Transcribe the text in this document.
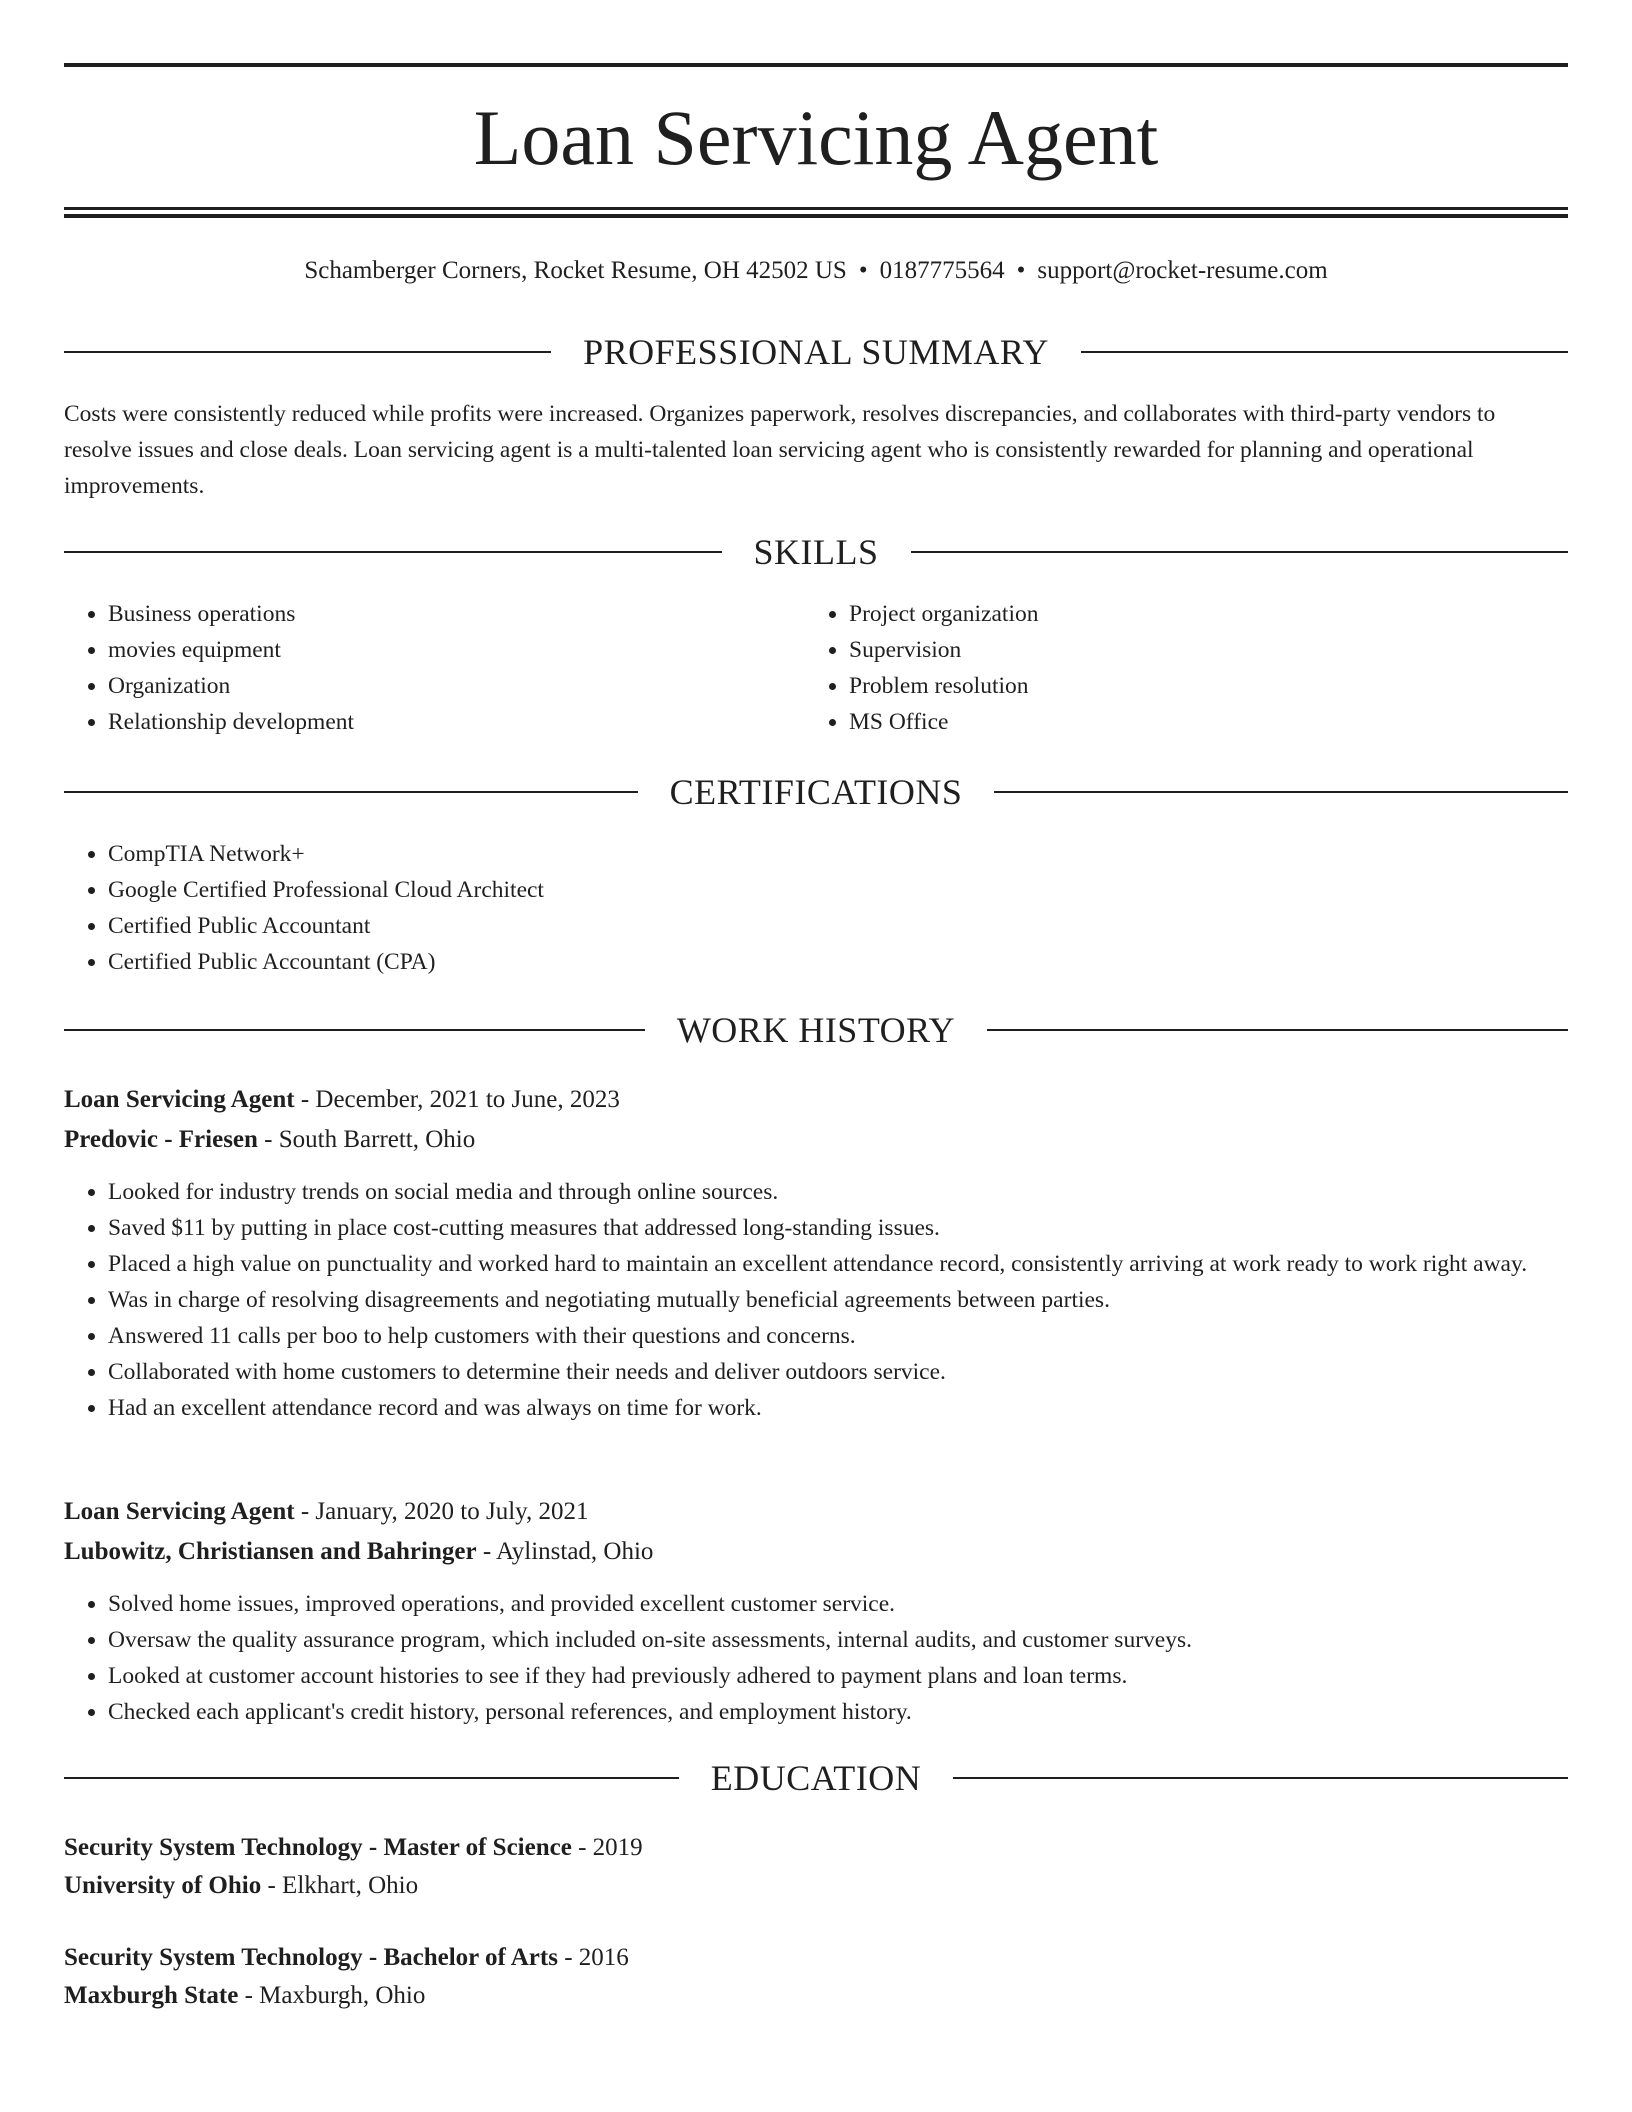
Loan Servicing Agent
Schamberger Corners, Rocket Resume, OH 42502 US • 0187775564 • support@rocket-resume.com
PROFESSIONAL SUMMARY

Costs were consistently reduced while profits were increased. Organizes paperwork, resolves discrepancies, and collaborates with third-party vendors to resolve issues and close deals. Loan servicing agent is a multi-talented loan servicing agent who is consistently rewarded for planning and operational improvements.

SKILLS
• Business operations
• movies equipment
• Organization
• Relationship development
• Project organization
• Supervision
• Problem resolution
• MS Office
CERTIFICATIONS
• CompTIA Network+
• Google Certified Professional Cloud Architect
• Certified Public Accountant
• Certified Public Accountant (CPA)
WORK HISTORY

Loan Servicing Agent - December, 2021 to June, 2023

Predovic - Friesen - South Barrett, Ohio

• Looked for industry trends on social media and through online sources.
• Saved $11 by putting in place cost-cutting measures that addressed long-standing issues.
• Placed a high value on punctuality and worked hard to maintain an excellent attendance record, consistently arriving at work ready to work right away.
• Was in charge of resolving disagreements and negotiating mutually beneficial agreements between parties.
• Answered 11 calls per boo to help customers with their questions and concerns.
• Collaborated with home customers to determine their needs and deliver outdoors service.
• Had an excellent attendance record and was always on time for work.

Loan Servicing Agent - January, 2020 to July, 2021

Lubowitz, Christiansen and Bahringer - Aylinstad, Ohio

• Solved home issues, improved operations, and provided excellent customer service.
• Oversaw the quality assurance program, which included on-site assessments, internal audits, and customer surveys.
• Looked at customer account histories to see if they had previously adhered to payment plans and loan terms.
• Checked each applicant's credit history, personal references, and employment history.
EDUCATION

Security System Technology - Master of Science - 2019

University of Ohio - Elkhart, Ohio

Security System Technology - Bachelor of Arts - 2016

Maxburgh State - Maxburgh, Ohio
